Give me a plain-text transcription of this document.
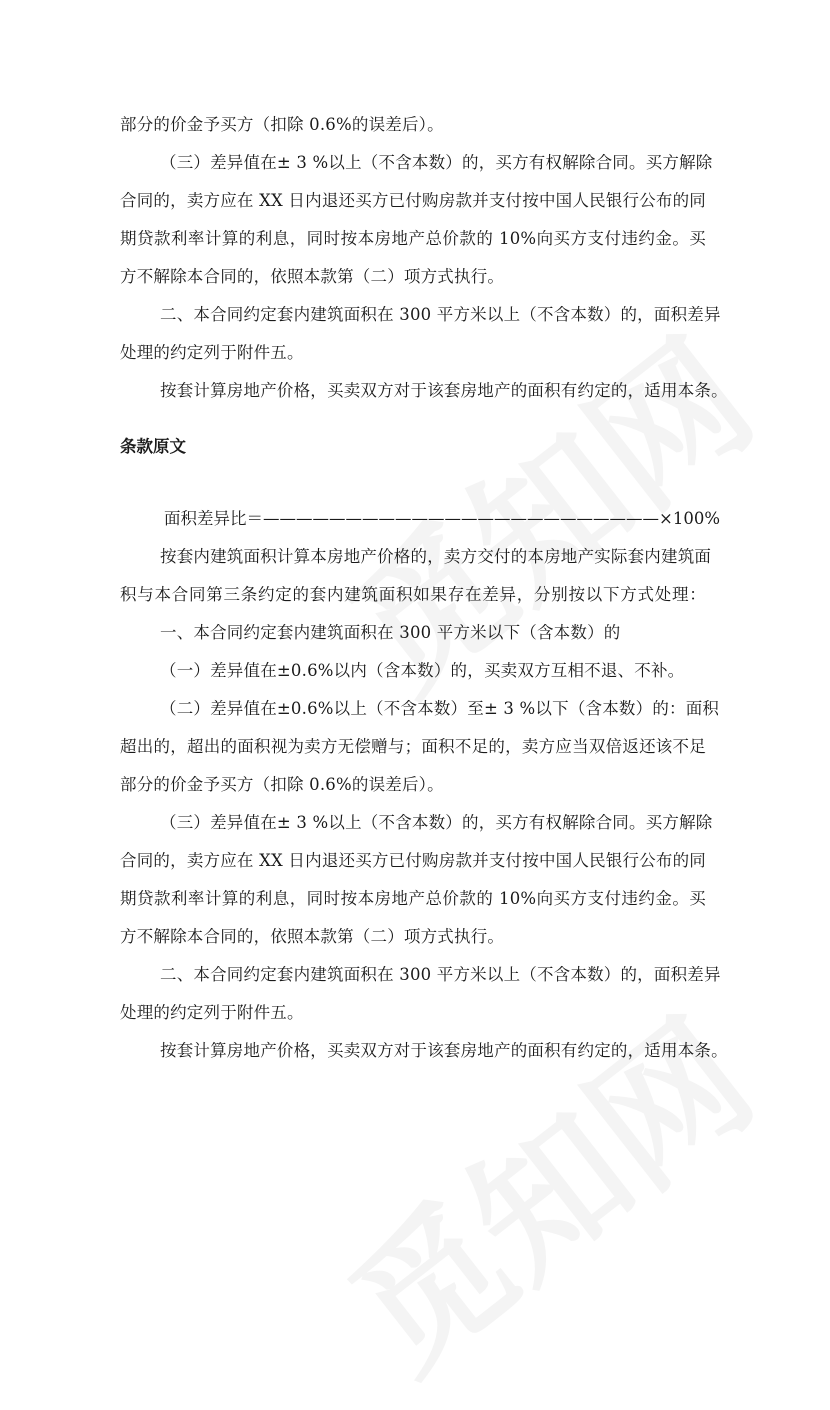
部分的价金予买方（扣除 0.6%的误差后）。
（三）差异值在± 3 %以上（不含本数）的，买方有权解除合同。买方解除
合同的，卖方应在 XX 日内退还买方已付购房款并支付按中国人民银行公布的同
期贷款利率计算的利息，同时按本房地产总价款的 10%向买方支付违约金。买
方不解除本合同的，依照本款第（二）项方式执行。
二、本合同约定套内建筑面积在 300 平方米以上（不含本数）的，面积差异
处理的约定列于附件五。
按套计算房地产价格，买卖双方对于该套房地产的面积有约定的，适用本条。
条款原文
面积差异比＝————————————————————————×100%
按套内建筑面积计算本房地产价格的，卖方交付的本房地产实际套内建筑面
积与本合同第三条约定的套内建筑面积如果存在差异，分别按以下方式处理：
一、本合同约定套内建筑面积在 300 平方米以下（含本数）的
（一）差异值在±0.6%以内（含本数）的，买卖双方互相不退、不补。
（二）差异值在±0.6%以上（不含本数）至± 3 %以下（含本数）的：面积
超出的，超出的面积视为卖方无偿赠与；面积不足的，卖方应当双倍返还该不足
部分的价金予买方（扣除 0.6%的误差后）。
（三）差异值在± 3 %以上（不含本数）的，买方有权解除合同。买方解除
合同的，卖方应在 XX 日内退还买方已付购房款并支付按中国人民银行公布的同
期贷款利率计算的利息，同时按本房地产总价款的 10%向买方支付违约金。买
方不解除本合同的，依照本款第（二）项方式执行。
二、本合同约定套内建筑面积在 300 平方米以上（不含本数）的，面积差异
处理的约定列于附件五。
按套计算房地产价格，买卖双方对于该套房地产的面积有约定的，适用本条。
